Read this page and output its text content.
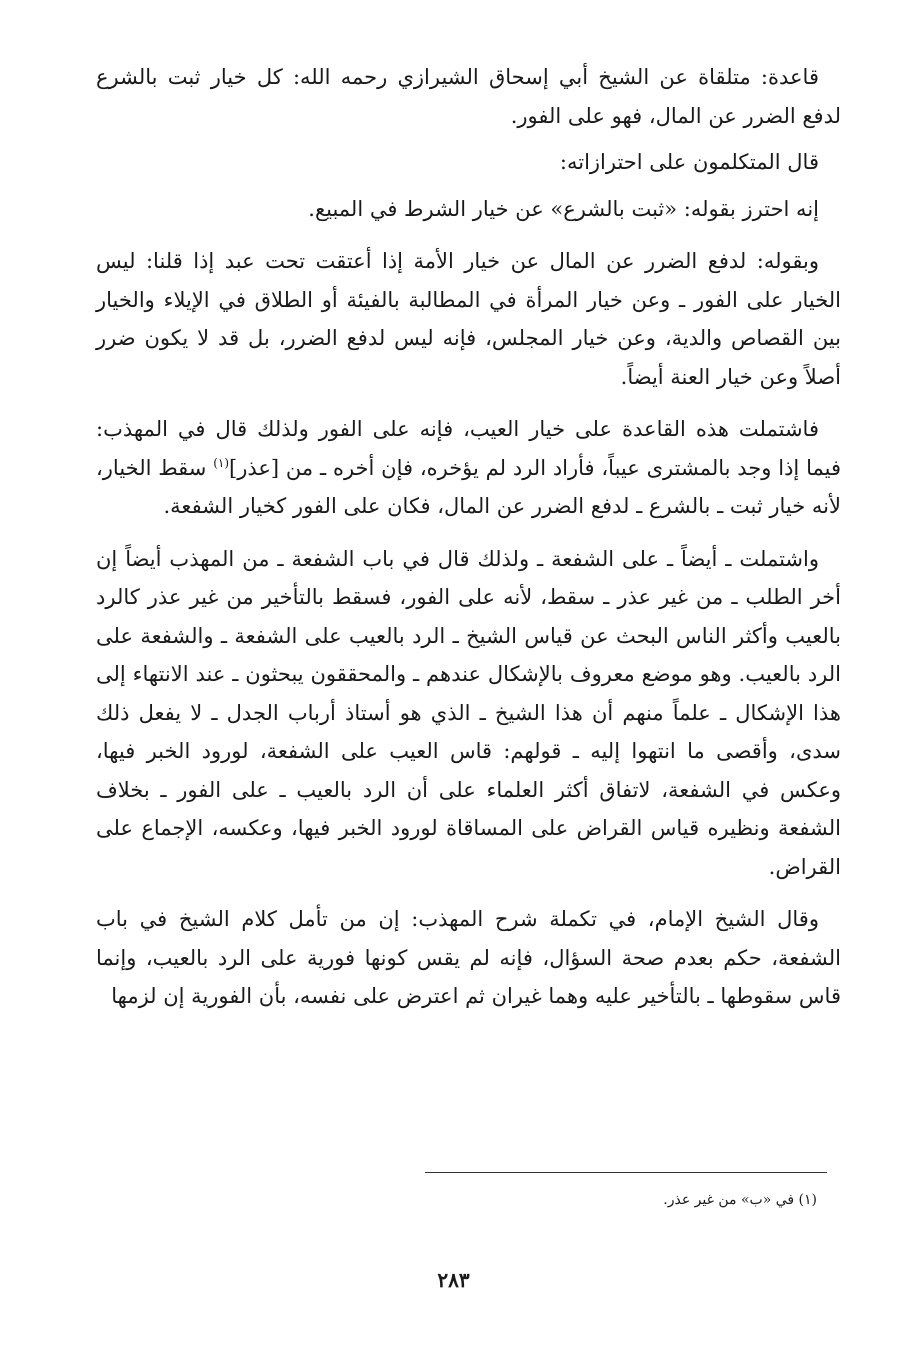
قاعدة: متلقاة عن الشيخ أبي إسحاق الشيرازي رحمه الله: كل خيار ثبت بالشرع لدفع الضرر عن المال، فهو على الفور.

قال المتكلمون على احترازاته:

إنه احترز بقوله: «ثبت بالشرع» عن خيار الشرط في المبيع.

وبقوله: لدفع الضرر عن المال عن خيار الأمة إذا أعتقت تحت عبد إذا قلنا: ليس الخيار على الفور ـ وعن خيار المرأة في المطالبة بالفيئة أو الطلاق في الإيلاء والخيار بين القصاص والدية، وعن خيار المجلس، فإنه ليس لدفع الضرر، بل قد لا يكون ضرر أصلاً وعن خيار العنة أيضاً.

فاشتملت هذه القاعدة على خيار العيب، فإنه على الفور ولذلك قال في المهذب: فيما إذا وجد بالمشترى عيباً، فأراد الرد لم يؤخره، فإن أخره ـ من [عذر]$^{(١)}$ سقط الخيار، لأنه خيار ثبت ـ بالشرع ـ لدفع الضرر عن المال، فكان على الفور كخيار الشفعة.

واشتملت ـ أيضاً ـ على الشفعة ـ ولذلك قال في باب الشفعة ـ من المهذب أيضاً إن أخر الطلب ـ من غير عذر ـ سقط، لأنه على الفور، فسقط بالتأخير من غير عذر كالرد بالعيب وأكثر الناس البحث عن قياس الشيخ ـ الرد بالعيب على الشفعة ـ والشفعة على الرد بالعيب. وهو موضع معروف بالإشكال عندهم ـ والمحققون يبحثون ـ عند الانتهاء إلى هذا الإشكال ـ علماً منهم أن هذا الشيخ ـ الذي هو أستاذ أرباب الجدل ـ لا يفعل ذلك سدى، وأقصى ما انتهوا إليه ـ قولهم: قاس العيب على الشفعة، لورود الخبر فيها، وعكس في الشفعة، لاتفاق أكثر العلماء على أن الرد بالعيب ـ على الفور ـ بخلاف الشفعة ونظيره قياس القراض على المساقاة لورود الخبر فيها، وعكسه، الإجماع على القراض.

وقال الشيخ الإمام، في تكملة شرح المهذب: إن من تأمل كلام الشيخ في باب الشفعة، حكم بعدم صحة السؤال، فإنه لم يقس كونها فورية على الرد بالعيب، وإنما قاس سقوطها ـ بالتأخير عليه وهما غيران ثم اعترض على نفسه، بأن الفورية إن لزمها

(١) في «ب» من غير عذر.
٢٨٣
